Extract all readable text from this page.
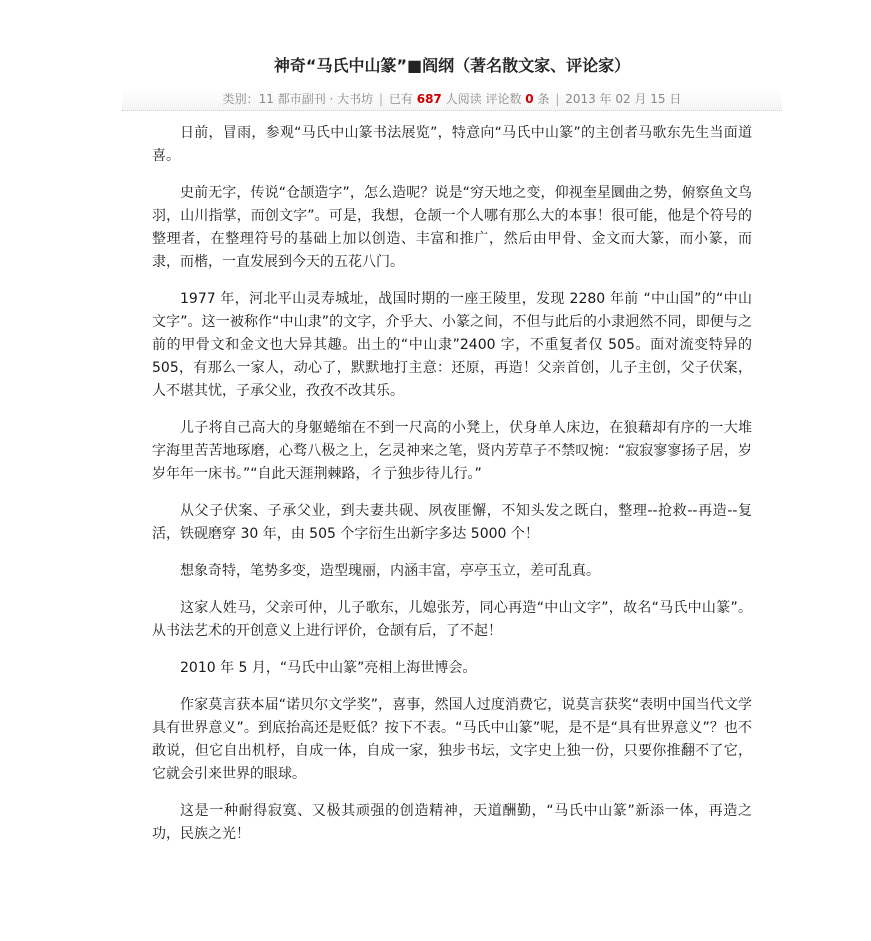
神奇“马氏中山篆”■阎纲（著名散文家、评论家）
类别：11 都市副刊 · 大书坊 | 已有 687 人阅读 评论数 0 条 | 2013 年 02 月 15 日

日前，冒雨，参观“马氏中山篆书法展览”，特意向“马氏中山篆”的主创者马歌东先生当面道喜。

史前无字，传说“仓颉造字”，怎么造呢？说是“穷天地之变，仰视奎星圜曲之势，俯察鱼文鸟羽，山川指掌，而创文字”。可是，我想，仓颉一个人哪有那么大的本事！很可能，他是个符号的整理者，在整理符号的基础上加以创造、丰富和推广，然后由甲骨、金文而大篆，而小篆，而隶，而楷，一直发展到今天的五花八门。

1977 年，河北平山灵寿城址，战国时期的一座王陵里，发现 2280 年前 “中山国”的“中山文字”。这一被称作“中山隶”的文字，介乎大、小篆之间，不但与此后的小隶迥然不同，即便与之前的甲骨文和金文也大异其趣。出土的“中山隶”2400 字，不重复者仅 505。面对流变特异的 505，有那么一家人，动心了，默默地打主意：还原，再造！父亲首创，儿子主创，父子伏案，人不堪其忧，子承父业，孜孜不改其乐。

儿子将自己高大的身躯蜷缩在不到一尺高的小凳上，伏身单人床边，在狼藉却有序的一大堆字海里苦苦地琢磨，心骛八极之上，乞灵神来之笔，贤内芳草子不禁叹惋：“寂寂寥寥扬子居，岁岁年年一床书。”“自此天涯荆棘路，彳亍独步待儿行。”

从父子伏案、子承父业，到夫妻共砚、夙夜匪懈，不知头发之既白，整理--抢救--再造--复活，铁砚磨穿 30 年，由 505 个字衍生出新字多达 5000 个！

想象奇特，笔势多变，造型瑰丽，内涵丰富，亭亭玉立，差可乱真。

这家人姓马，父亲可仲，儿子歌东，儿媳张芳，同心再造“中山文字”，故名“马氏中山篆”。从书法艺术的开创意义上进行评价，仓颉有后，了不起！

2010 年 5 月，“马氏中山篆”亮相上海世博会。

作家莫言获本届“诺贝尔文学奖”，喜事，然国人过度消费它，说莫言获奖“表明中国当代文学具有世界意义”。到底抬高还是贬低？按下不表。“马氏中山篆”呢，是不是“具有世界意义”？也不敢说，但它自出机杼，自成一体，自成一家，独步书坛，文字史上独一份，只要你推翻不了它，它就会引来世界的眼球。

这是一种耐得寂寞、又极其顽强的创造精神，天道酬勤，“马氏中山篆”新添一体，再造之功，民族之光！
